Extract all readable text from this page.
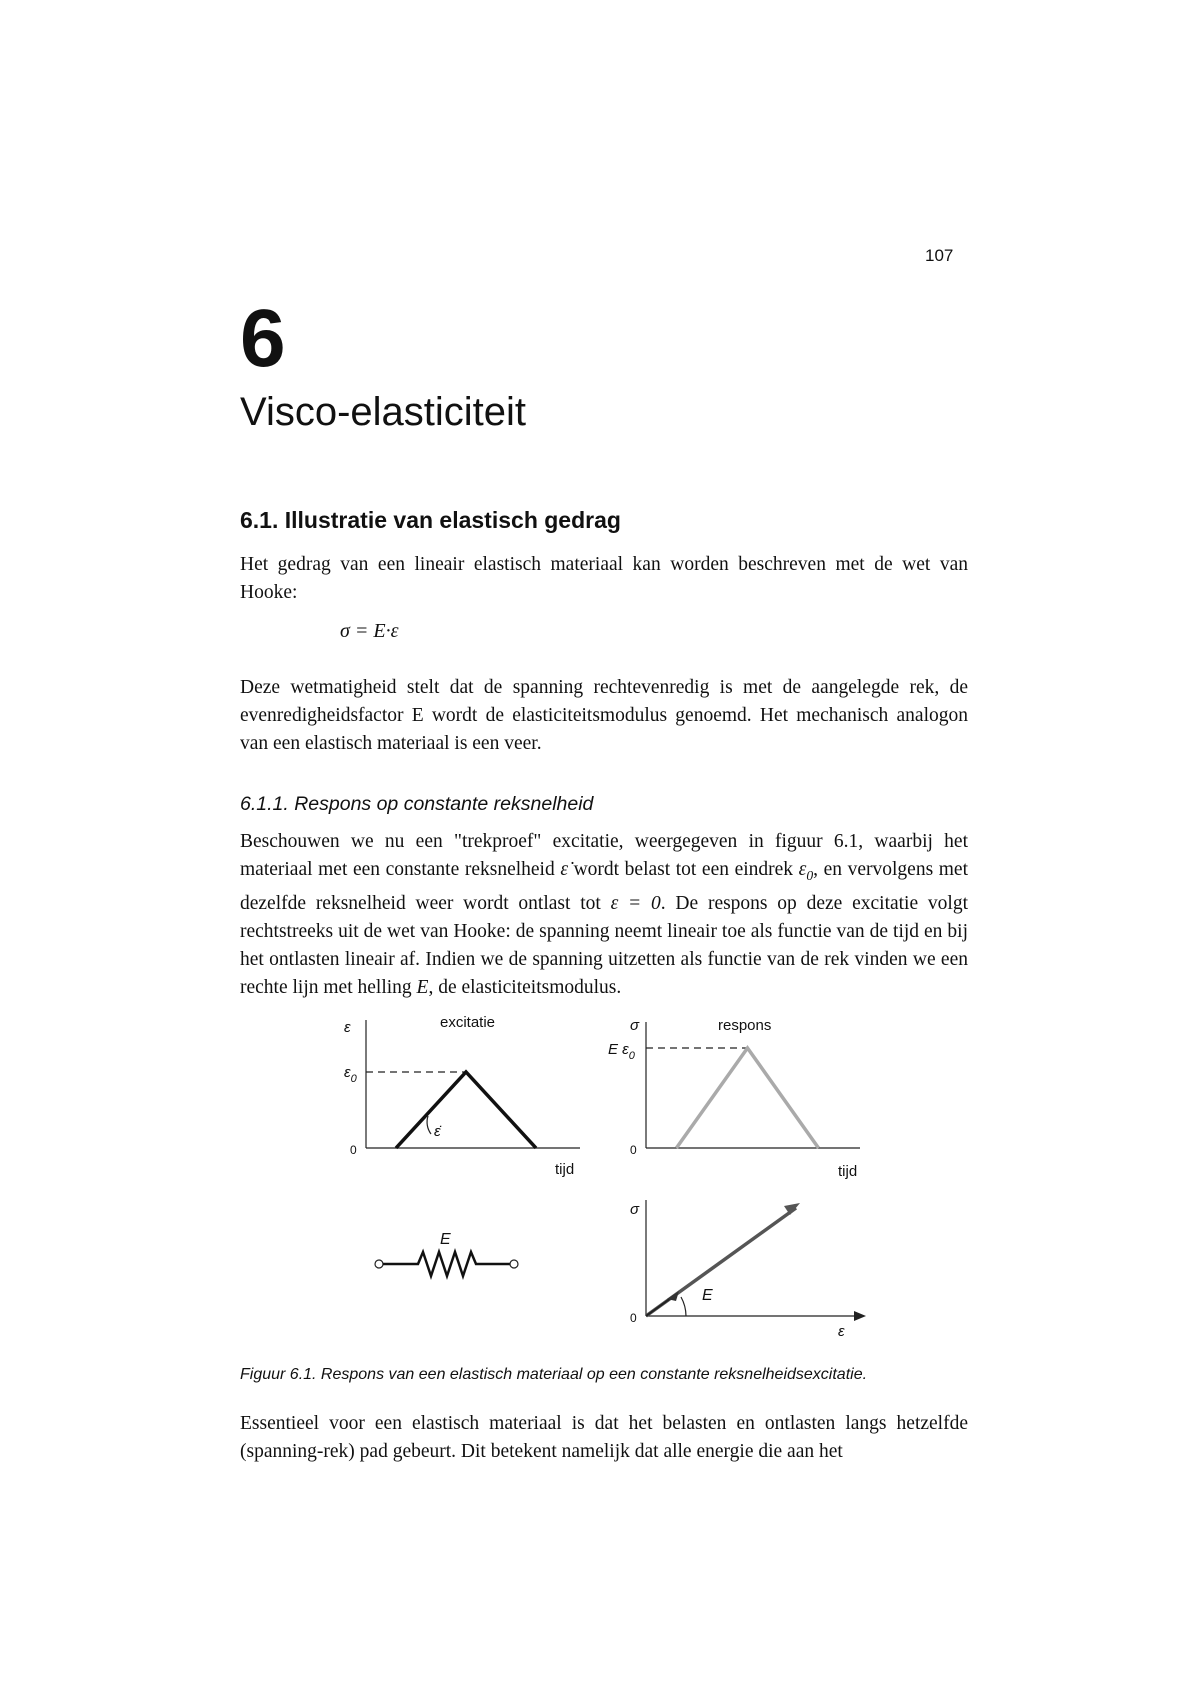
107
6
Visco-elasticiteit
6.1. Illustratie van elastisch gedrag
Het gedrag van een lineair elastisch materiaal kan worden beschreven met de wet van Hooke:
σ = E·ε
Deze wetmatigheid stelt dat de spanning rechtevenredig is met de aangelegde rek, de evenredigheidsfactor E wordt de elasticiteitsmodulus genoemd. Het mechanisch analogon van een elastisch materiaal is een veer.
6.1.1. Respons op constante reksnelheid
Beschouwen we nu een "trekproef" excitatie, weergegeven in figuur 6.1, waarbij het materiaal met een constante reksnelheid ε̇ wordt belast tot een eindrek $\varepsilon_0$, en vervolgens met dezelfde reksnelheid weer wordt ontlast tot ε = 0. De respons op deze excitatie volgt rechtstreeks uit de wet van Hooke: de spanning neemt lineair toe als functie van de tijd en bij het ontlasten lineair af. Indien we de spanning uitzetten als functie van de rek vinden we een rechte lijn met helling E, de elasticiteitsmodulus.
ε	excitatie
$\varepsilon_0$
ε̇
0
tijd
σ	respons
E $\varepsilon_0$
0
tijd
E
σ
E
0
ε
Figuur 6.1. Respons van een elastisch materiaal op een constante reksnelheidsexcitatie.
Essentieel voor een elastisch materiaal is dat het belasten en ontlasten langs hetzelfde (spanning-rek) pad gebeurt. Dit betekent namelijk dat alle energie die aan het
